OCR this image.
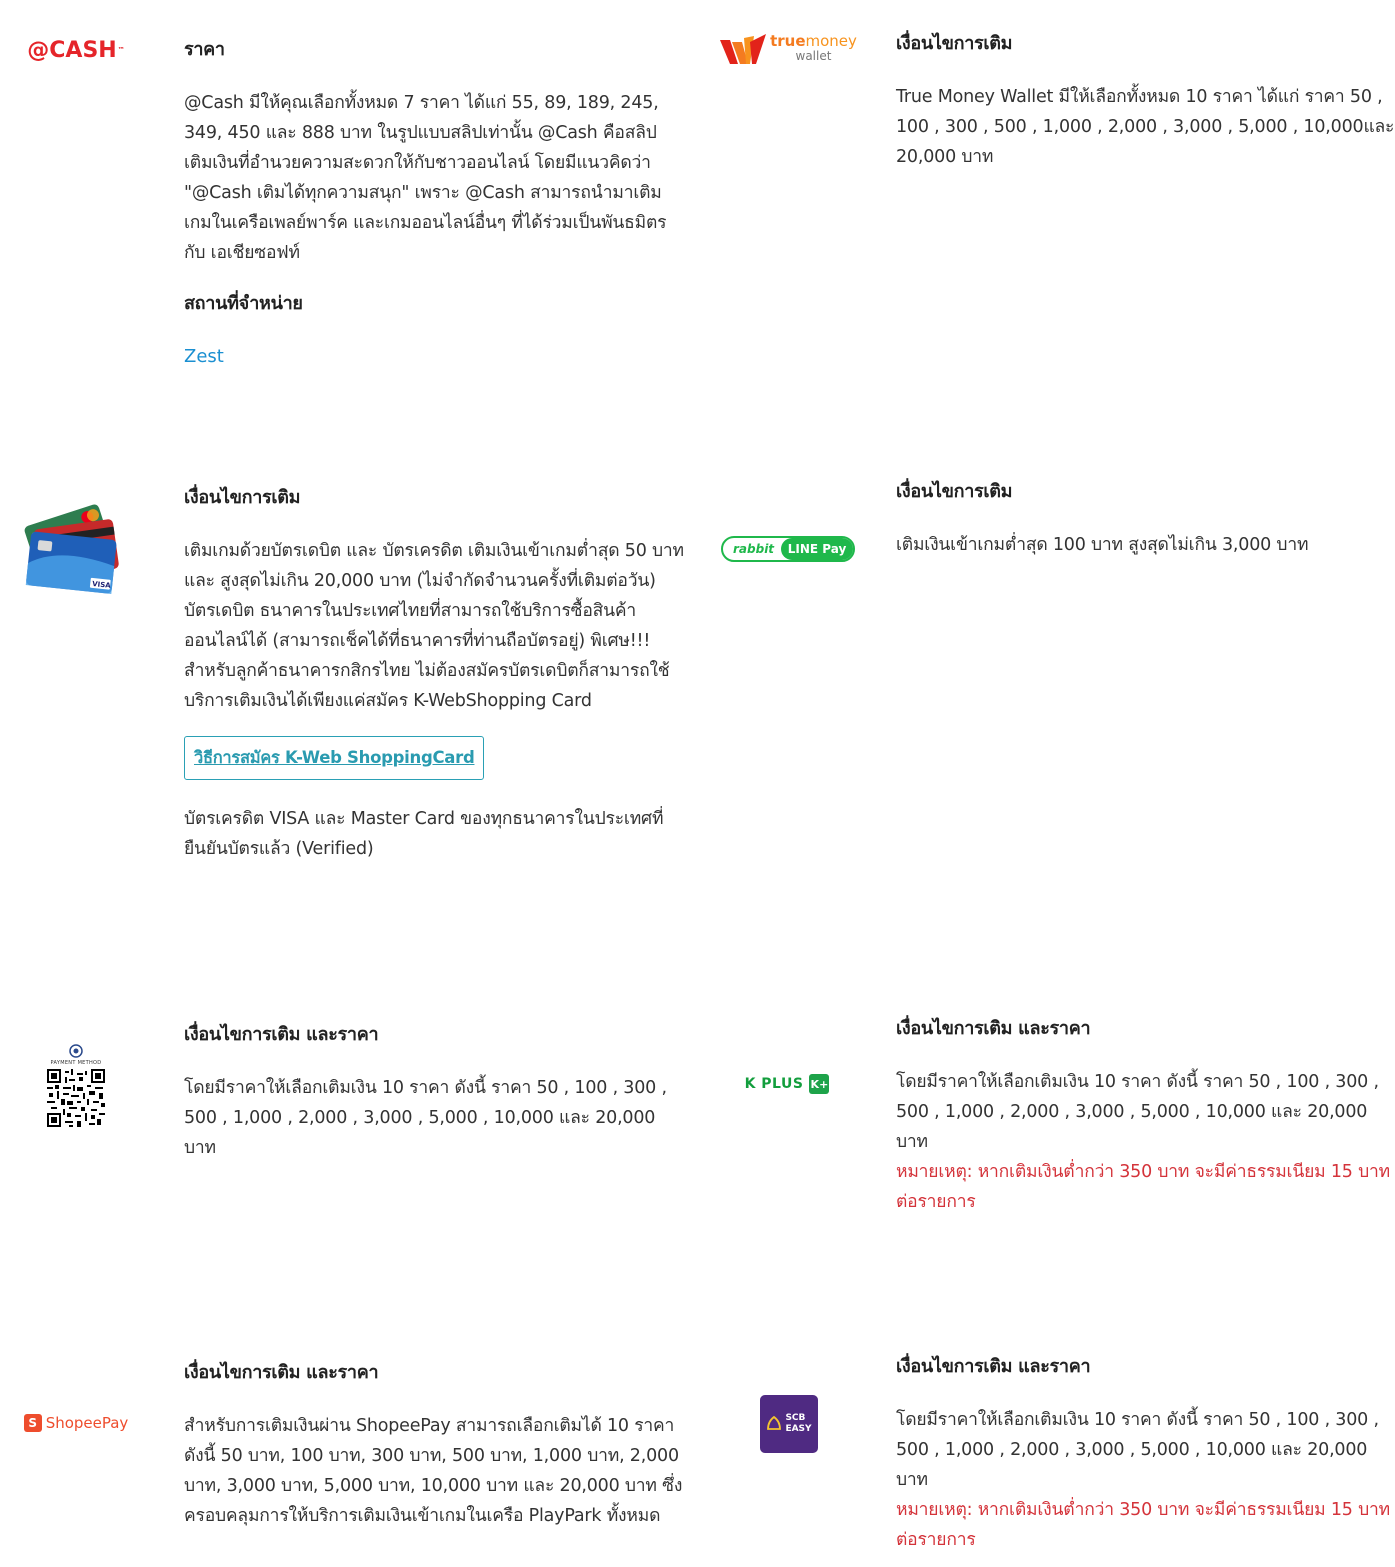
@CASH ™	ราคา

@Cash มีให้คุณเลือกทั้งหมด 7 ราคา ได้แก่ 55, 89, 189, 245, 349, 450 และ 888 บาท ในรูปแบบสลิปเท่านั้น @Cash คือสลิปเติมเงินที่อำนวยความสะดวกให้กับชาวออนไลน์ โดยมีแนวคิดว่า "@Cash เติมได้ทุกความสนุก" เพราะ @Cash สามารถนำมาเติมเกมในเครือเพลย์พาร์ค และเกมออนไลน์อื่นๆ ที่ได้ร่วมเป็นพันธมิตรกับ เอเชียซอฟท์

สถานที่จำหน่าย
Zest
truemoney
wallet
เงื่อนไขการเติม

True Money Wallet มีให้เลือกทั้งหมด 10 ราคา ได้แก่ ราคา 50 , 100 , 300 , 500 , 1,000 , 2,000 , 3,000 , 5,000 , 10,000และ 20,000 บาท

VISA
เงื่อนไขการเติม

เติมเกมด้วยบัตรเดบิต และ บัตรเครดิต เติมเงินเข้าเกมต่ำสุด 50 บาท และ สูงสุดไม่เกิน 20,000 บาท (ไม่จำกัดจำนวนครั้งที่เติมต่อวัน) บัตรเดบิต ธนาคารในประเทศไทยที่สามารถใช้บริการซื้อสินค้าออนไลน์ได้ (สามารถเช็คได้ที่ธนาคารที่ท่านถือบัตรอยู่) พิเศษ!!! สำหรับลูกค้าธนาคารกสิกรไทย ไม่ต้องสมัครบัตรเดบิตก็สามารถใช้บริการเติมเงินได้เพียงแค่สมัคร K-WebShopping Card

วิธีการสมัคร K-Web ShoppingCard

บัตรเครดิต VISA และ Master Card ของทุกธนาคารในประเทศที่ยืนยันบัตรแล้ว (Verified)

rabbit	LINE Pay
เงื่อนไขการเติม

เติมเงินเข้าเกมต่ำสุด 100 บาท สูงสุดไม่เกิน 3,000 บาท

PAYMENT METHOD
เงื่อนไขการเติม และราคา

โดยมีราคาให้เลือกเติมเงิน 10 ราคา ดังนี้ ราคา 50 , 100 , 300 , 500 , 1,000 , 2,000 , 3,000 , 5,000 , 10,000 และ 20,000 บาท

K PLUS K+
เงื่อนไขการเติม และราคา

โดยมีราคาให้เลือกเติมเงิน 10 ราคา ดังนี้ ราคา 50 , 100 , 300 , 500 , 1,000 , 2,000 , 3,000 , 5,000 , 10,000 และ 20,000 บาท

หมายเหตุ: หากเติมเงินต่ำกว่า 350 บาท จะมีค่าธรรมเนียม 15 บาทต่อรายการ

S ShopeePay
เงื่อนไขการเติม และราคา

สำหรับการเติมเงินผ่าน ShopeePay สามารถเลือกเติมได้ 10 ราคา ดังนี้ 50 บาท, 100 บาท, 300 บาท, 500 บาท, 1,000 บาท, 2,000 บาท, 3,000 บาท, 5,000 บาท, 10,000 บาท และ 20,000 บาท ซึ่งครอบคลุมการให้บริการเติมเงินเข้าเกมในเครือ PlayPark ทั้งหมด

SCB
EASY
เงื่อนไขการเติม และราคา

โดยมีราคาให้เลือกเติมเงิน 10 ราคา ดังนี้ ราคา 50 , 100 , 300 , 500 , 1,000 , 2,000 , 3,000 , 5,000 , 10,000 และ 20,000 บาท

หมายเหตุ: หากเติมเงินต่ำกว่า 350 บาท จะมีค่าธรรมเนียม 15 บาทต่อรายการ
